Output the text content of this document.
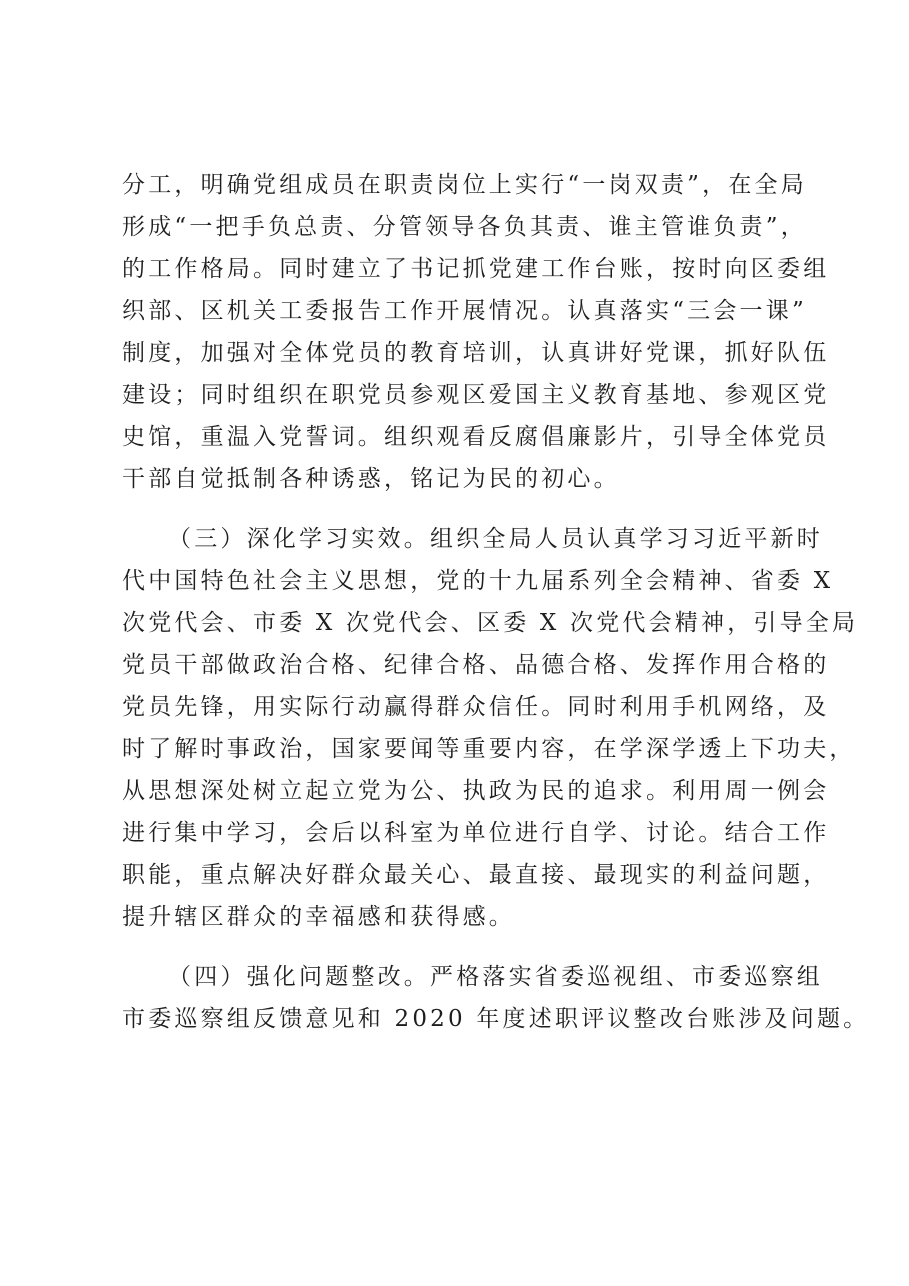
分工，明确党组成员在职责岗位上实行“一岗双责”，在全局
形成“一把手负总责、分管领导各负其责、谁主管谁负责”，
的工作格局。同时建立了书记抓党建工作台账，按时向区委组
织部、区机关工委报告工作开展情况。认真落实“三会一课”
制度，加强对全体党员的教育培训，认真讲好党课，抓好队伍
建设；同时组织在职党员参观区爱国主义教育基地、参观区党
史馆，重温入党誓词。组织观看反腐倡廉影片，引导全体党员
干部自觉抵制各种诱惑，铭记为民的初心。
（三）深化学习实效。组织全局人员认真学习习近平新时
代中国特色社会主义思想，党的十九届系列全会精神、省委 X
次党代会、市委 X 次党代会、区委 X 次党代会精神，引导全局
党员干部做政治合格、纪律合格、品德合格、发挥作用合格的
党员先锋，用实际行动赢得群众信任。同时利用手机网络，及
时了解时事政治，国家要闻等重要内容，在学深学透上下功夫，
从思想深处树立起立党为公、执政为民的追求。利用周一例会
进行集中学习，会后以科室为单位进行自学、讨论。结合工作
职能，重点解决好群众最关心、最直接、最现实的利益问题，
提升辖区群众的幸福感和获得感。
（四）强化问题整改。严格落实省委巡视组、市委巡察组
市委巡察组反馈意见和 2020 年度述职评议整改台账涉及问题。
